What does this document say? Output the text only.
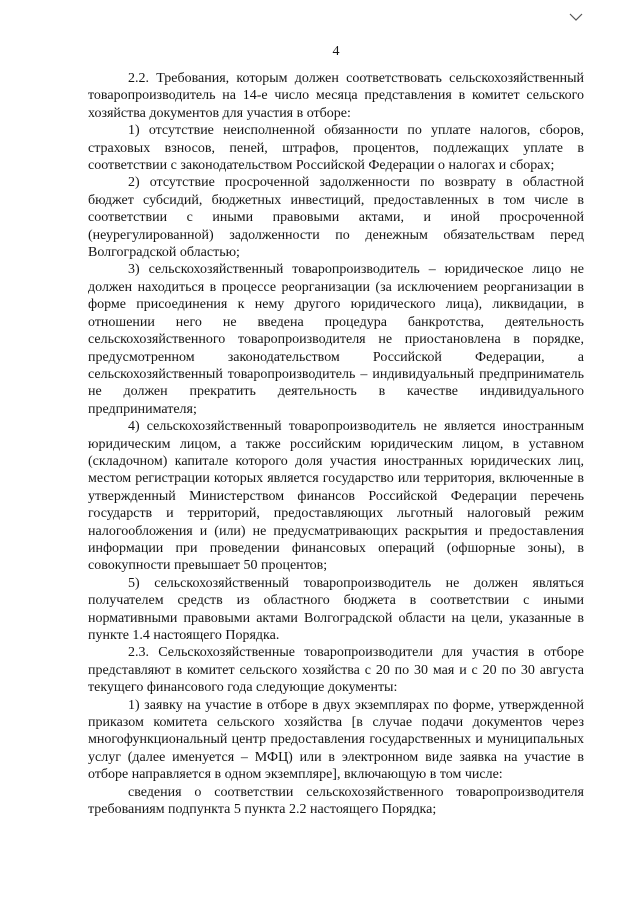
4

2.2. Требования, которым должен соответствовать сельскохозяйственный товаропроизводитель на 14-е число месяца представления в комитет сельского хозяйства документов для участия в отборе:

1) отсутствие неисполненной обязанности по уплате налогов, сборов, страховых взносов, пеней, штрафов, процентов, подлежащих уплате в соответствии с законодательством Российской Федерации о налогах и сборах;

2) отсутствие просроченной задолженности по возврату в областной бюджет субсидий, бюджетных инвестиций, предоставленных в том числе в соответствии с иными правовыми актами, и иной просроченной (неурегулированной) задолженности по денежным обязательствам перед Волгоградской областью;

3) сельскохозяйственный товаропроизводитель – юридическое лицо не должен находиться в процессе реорганизации (за исключением реорганизации в форме присоединения к нему другого юридического лица), ликвидации, в отношении него не введена процедура банкротства, деятельность сельскохозяйственного товаропроизводителя не приостановлена в порядке, предусмотренном законодательством Российской Федерации, а сельскохозяйственный товаропроизводитель – индивидуальный предприниматель не должен прекратить деятельность в качестве индивидуального предпринимателя;

4) сельскохозяйственный товаропроизводитель не является иностранным юридическим лицом, а также российским юридическим лицом, в уставном (складочном) капитале которого доля участия иностранных юридических лиц, местом регистрации которых является государство или территория, включенные в утвержденный Министерством финансов Российской Федерации перечень государств и территорий, предоставляющих льготный налоговый режим налогообложения и (или) не предусматривающих раскрытия и предоставления информации при проведении финансовых операций (офшорные зоны), в совокупности превышает 50 процентов;

5) сельскохозяйственный товаропроизводитель не должен являться получателем средств из областного бюджета в соответствии с иными нормативными правовыми актами Волгоградской области на цели, указанные в пункте 1.4 настоящего Порядка.

2.3. Сельскохозяйственные товаропроизводители для участия в отборе представляют в комитет сельского хозяйства с 20 по 30 мая и с 20 по 30 августа текущего финансового года следующие документы:

1) заявку на участие в отборе в двух экземплярах по форме, утвержденной приказом комитета сельского хозяйства [в случае подачи документов через многофункциональный центр предоставления государственных и муниципальных услуг (далее именуется – МФЦ) или в электронном виде заявка на участие в отборе направляется в одном экземпляре], включающую в том числе:

сведения о соответствии сельскохозяйственного товаропроизводителя требованиям подпункта 5 пункта 2.2 настоящего Порядка;
